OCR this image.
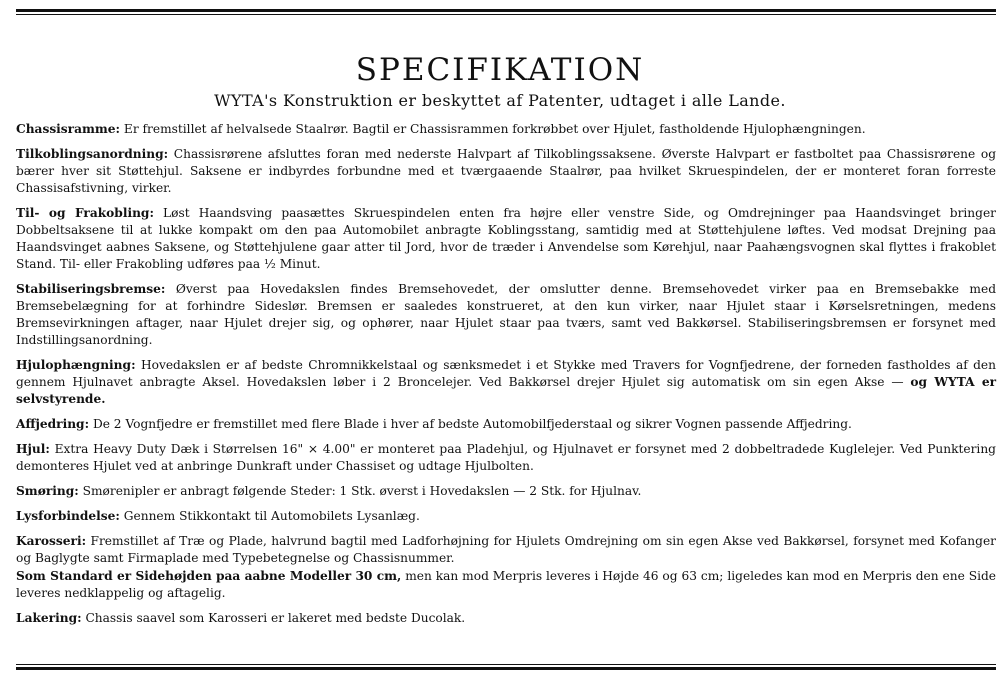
SPECIFIKATION
WYTA's Konstruktion er beskyttet af Patenter, udtaget i alle Lande.

Chassisramme: Er fremstillet af helvalsede Staalrør. Bagtil er Chassisrammen forkrøbbet over Hjulet, fastholdende Hjulophængningen.

Tilkoblingsanordning: Chassisrørene afsluttes foran med nederste Halvpart af Tilkoblingssaksene. Øverste Halvpart er fastboltet paa Chassisrørene og bærer hver sit Støttehjul. Saksene er indbyrdes forbundne med et tværgaaende Staalrør, paa hvilket Skruespindelen, der er monteret foran forreste Chassisafstivning, virker.

Til- og Frakobling: Løst Haandsving paasættes Skruespindelen enten fra højre eller venstre Side, og Omdrejninger paa Haandsvinget bringer Dobbeltsaksene til at lukke kompakt om den paa Automobilet anbragte Koblingsstang, samtidig med at Støttehjulene løftes. Ved modsat Drejning paa Haandsvinget aabnes Saksene, og Støttehjulene gaar atter til Jord, hvor de træder i Anvendelse som Kørehjul, naar Paahængsvognen skal flyttes i frakoblet Stand. Til- eller Frakobling udføres paa ½ Minut.

Stabiliseringsbremse: Øverst paa Hovedakslen findes Bremsehovedet, der omslutter denne. Bremsehovedet virker paa en Bremsebakke med Bremsebelægning for at forhindre Sideslør. Bremsen er saaledes konstrueret, at den kun virker, naar Hjulet staar i Kørselsretningen, medens Bremsevirkningen aftager, naar Hjulet drejer sig, og ophører, naar Hjulet staar paa tværs, samt ved Bakkørsel. Stabiliseringsbremsen er forsynet med Indstillingsanordning.

Hjulophængning: Hovedakslen er af bedste Chromnikkelstaal og sænksmedet i et Stykke med Travers for Vognfjedrene, der forneden fastholdes af den gennem Hjulnavet anbragte Aksel. Hovedakslen løber i 2 Broncelejer. Ved Bakkørsel drejer Hjulet sig automatisk om sin egen Akse — og WYTA er selvstyrende.

Affjedring: De 2 Vognfjedre er fremstillet med flere Blade i hver af bedste Automobilfjederstaal og sikrer Vognen passende Affjedring.

Hjul: Extra Heavy Duty Dæk i Størrelsen 16" × 4.00" er monteret paa Pladehjul, og Hjulnavet er forsynet med 2 dobbeltradede Kuglelejer. Ved Punktering demonteres Hjulet ved at anbringe Dunkraft under Chassiset og udtage Hjulbolten.

Smøring: Smørenipler er anbragt følgende Steder: 1 Stk. øverst i Hovedakslen — 2 Stk. for Hjulnav.

Lysforbindelse: Gennem Stikkontakt til Automobilets Lysanlæg.

Karosseri: Fremstillet af Træ og Plade, halvrund bagtil med Ladforhøjning for Hjulets Omdrejning om sin egen Akse ved Bakkørsel, forsynet med Kofanger og Baglygte samt Firmaplade med Typebetegnelse og Chassisnummer.

Som Standard er Sidehøjden paa aabne Modeller 30 cm, men kan mod Merpris leveres i Højde 46 og 63 cm; ligeledes kan mod en Merpris den ene Side leveres nedklappelig og aftagelig.

Lakering: Chassis saavel som Karosseri er lakeret med bedste Ducolak.
